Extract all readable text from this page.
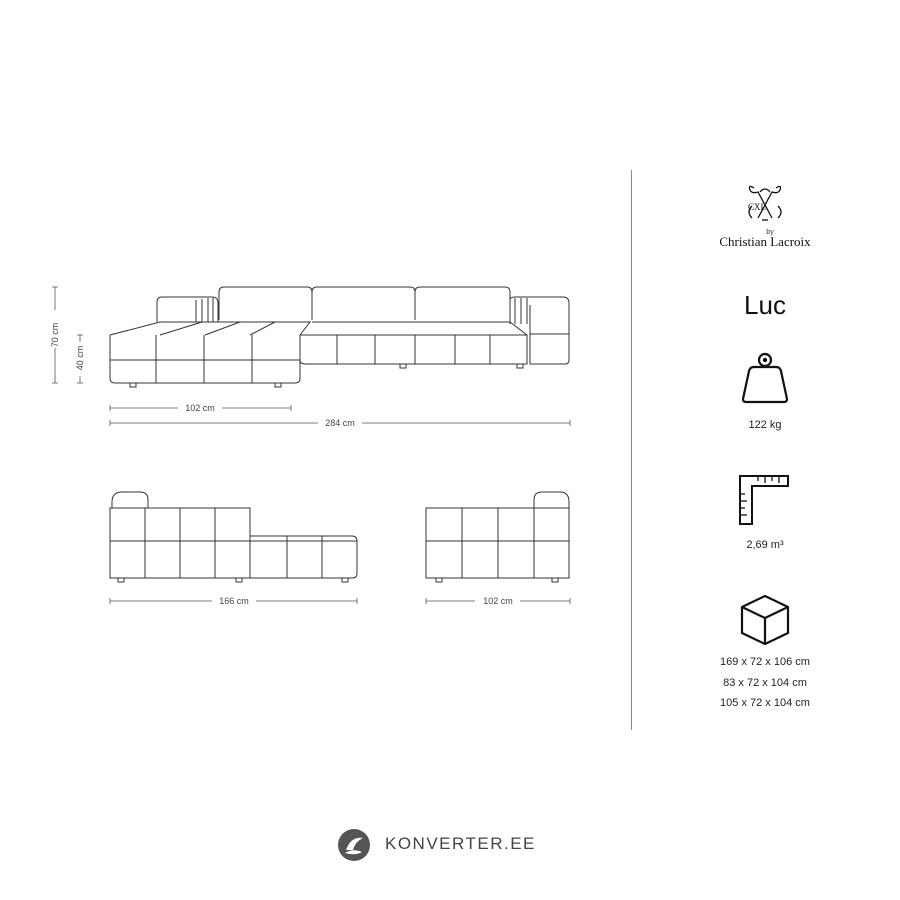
70 cm
40 cm
102 cm
284 cm
166 cm	102 cm
CXL
by
Christian Lacroix
Luc
122 kg
2,69 m³
169 x 72 x 106 cm
83 x 72 x 104 cm
105 x 72 x 104 cm
KONVERTER.EE
